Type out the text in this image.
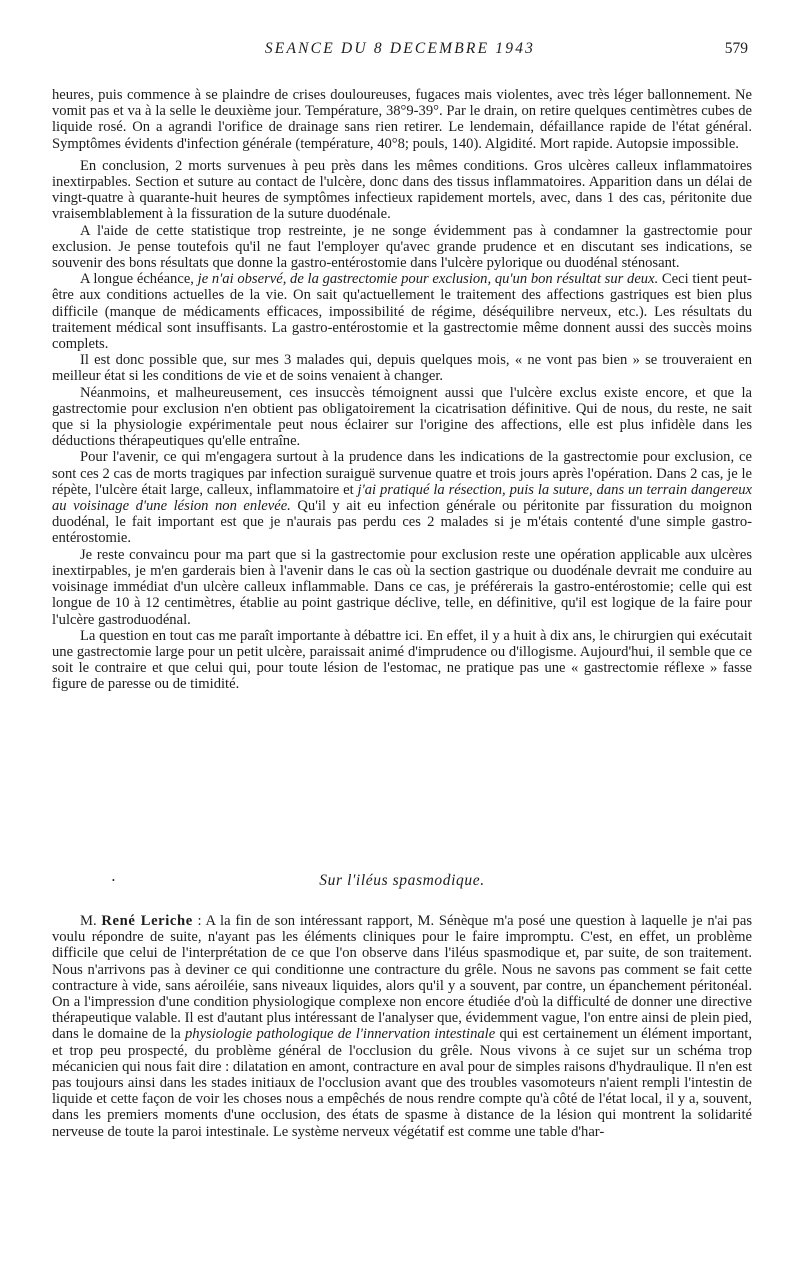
SEANCE DU 8 DECEMBRE 1943	579

heures, puis commence à se plaindre de crises douloureuses, fugaces mais violentes, avec très léger ballonnement. Ne vomit pas et va à la selle le deuxième jour. Température, 38°9-39°. Par le drain, on retire quelques centimètres cubes de liquide rosé. On a agrandi l'orifice de drainage sans rien retirer. Le lendemain, défaillance rapide de l'état général. Symptômes évidents d'infection générale (température, 40°8; pouls, 140). Algidité. Mort rapide. Autopsie impossible.

En conclusion, 2 morts survenues à peu près dans les mêmes conditions. Gros ulcères calleux inflammatoires inextirpables. Section et suture au contact de l'ulcère, donc dans des tissus inflammatoires. Apparition dans un délai de vingt-quatre à quarante-huit heures de symptômes infectieux rapidement mortels, avec, dans 1 des cas, péritonite due vraisemblablement à la fissuration de la suture duodénale.

A l'aide de cette statistique trop restreinte, je ne songe évidemment pas à condamner la gastrectomie pour exclusion. Je pense toutefois qu'il ne faut l'employer qu'avec grande prudence et en discutant ses indications, se souvenir des bons résultats que donne la gastro-entérostomie dans l'ulcère pylorique ou duodénal sténosant.

A longue échéance, je n'ai observé, de la gastrectomie pour exclusion, qu'un bon résultat sur deux. Ceci tient peut-être aux conditions actuelles de la vie. On sait qu'actuellement le traitement des affections gastriques est bien plus difficile (manque de médicaments efficaces, impossibilité de régime, déséquilibre nerveux, etc.). Les résultats du traitement médical sont insuffisants. La gastro-entérostomie et la gastrectomie même donnent aussi des succès moins complets.

Il est donc possible que, sur mes 3 malades qui, depuis quelques mois, « ne vont pas bien » se trouveraient en meilleur état si les conditions de vie et de soins venaient à changer.

Néanmoins, et malheureusement, ces insuccès témoignent aussi que l'ulcère exclus existe encore, et que la gastrectomie pour exclusion n'en obtient pas obligatoirement la cicatrisation définitive. Qui de nous, du reste, ne sait que si la physiologie expérimentale peut nous éclairer sur l'origine des affections, elle est plus infidèle dans les déductions thérapeutiques qu'elle entraîne.

Pour l'avenir, ce qui m'engagera surtout à la prudence dans les indications de la gastrectomie pour exclusion, ce sont ces 2 cas de morts tragiques par infection suraiguë survenue quatre et trois jours après l'opération. Dans 2 cas, je le répète, l'ulcère était large, calleux, inflammatoire et j'ai pratiqué la résection, puis la suture, dans un terrain dangereux au voisinage d'une lésion non enlevée. Qu'il y ait eu infection générale ou péritonite par fissuration du moignon duodénal, le fait important est que je n'aurais pas perdu ces 2 malades si je m'étais contenté d'une simple gastro-entérostomie.

Je reste convaincu pour ma part que si la gastrectomie pour exclusion reste une opération applicable aux ulcères inextirpables, je m'en garderais bien à l'avenir dans le cas où la section gastrique ou duodénale devrait me conduire au voisinage immédiat d'un ulcère calleux inflammable. Dans ce cas, je préférerais la gastro-entérostomie; celle qui est longue de 10 à 12 centimètres, établie au point gastrique déclive, telle, en définitive, qu'il est logique de la faire pour l'ulcère gastroduodénal.

La question en tout cas me paraît importante à débattre ici. En effet, il y a huit à dix ans, le chirurgien qui exécutait une gastrectomie large pour un petit ulcère, paraissait animé d'imprudence ou d'illogisme. Aujourd'hui, il semble que ce soit le contraire et que celui qui, pour toute lésion de l'estomac, ne pratique pas une « gastrectomie réflexe » fasse figure de paresse ou de timidité.

•	Sur l'iléus spasmodique.

M. René Leriche : A la fin de son intéressant rapport, M. Sénèque m'a posé une question à laquelle je n'ai pas voulu répondre de suite, n'ayant pas les éléments cliniques pour le faire impromptu. C'est, en effet, un problème difficile que celui de l'interprétation de ce que l'on observe dans l'iléus spasmodique et, par suite, de son traitement. Nous n'arrivons pas à deviner ce qui conditionne une contracture du grêle. Nous ne savons pas comment se fait cette contracture à vide, sans aéroiléie, sans niveaux liquides, alors qu'il y a souvent, par contre, un épanchement péritonéal. On a l'impression d'une condition physiologique complexe non encore étudiée d'où la difficulté de donner une directive thérapeutique valable. Il est d'autant plus intéressant de l'analyser que, évidemment vague, l'on entre ainsi de plein pied, dans le domaine de la physiologie pathologique de l'innervation intestinale qui est certainement un élément important, et trop peu prospecté, du problème général de l'occlusion du grêle. Nous vivons à ce sujet sur un schéma trop mécanicien qui nous fait dire : dilatation en amont, contracture en aval pour de simples raisons d'hydraulique. Il n'en est pas toujours ainsi dans les stades initiaux de l'occlusion avant que des troubles vasomoteurs n'aient rempli l'intestin de liquide et cette façon de voir les choses nous a empêchés de nous rendre compte qu'à côté de l'état local, il y a, souvent, dans les premiers moments d'une occlusion, des états de spasme à distance de la lésion qui montrent la solidarité nerveuse de toute la paroi intestinale. Le système nerveux végétatif est comme une table d'har-
